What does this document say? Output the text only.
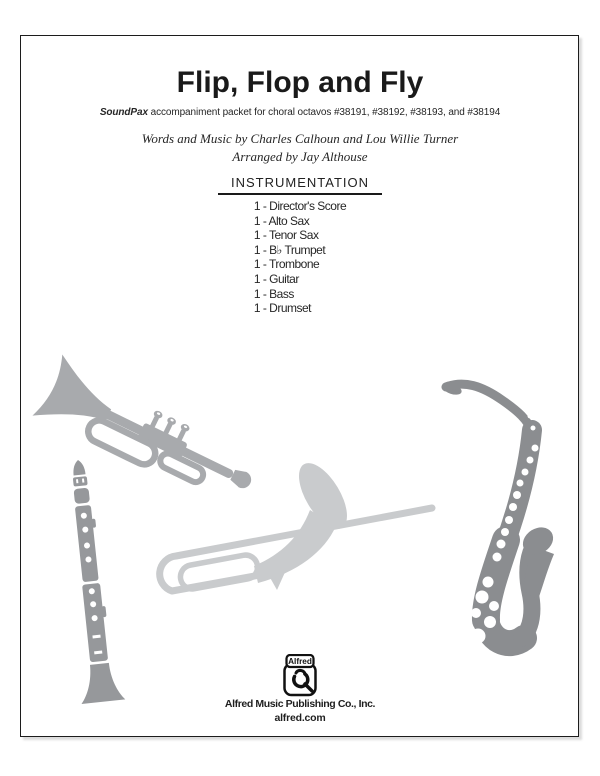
Flip, Flop and Fly
SoundPax accompaniment packet for choral octavos #38191, #38192, #38193, and #38194
Words and Music by Charles Calhoun and Lou Willie Turner
Arranged by Jay Althouse
INSTRUMENTATION
1 - Director's Score
1 - Alto Sax
1 - Tenor Sax
1 - B♭ Trumpet
1 - Trombone
1 - Guitar
1 - Bass
1 - Drumset
Alfred
Alfred Music Publishing Co., Inc.
alfred.com
